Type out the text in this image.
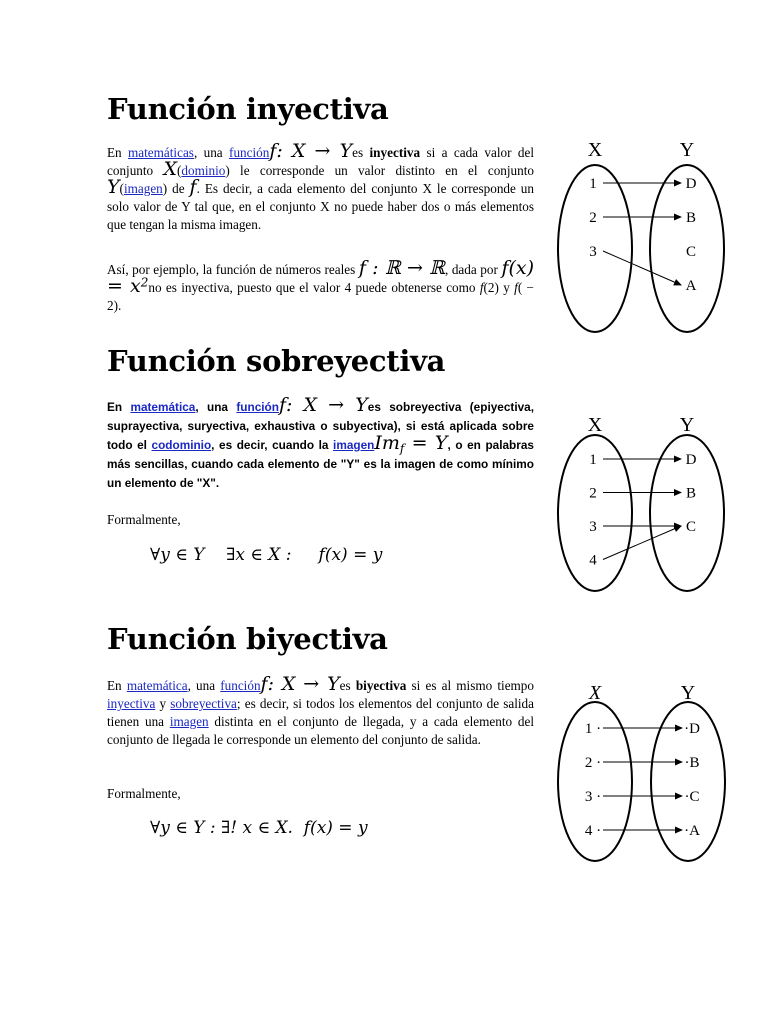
Función inyectiva

En matemáticas, una funciónf: X → Yes inyectiva si a cada valor del conjunto X(dominio) le corresponde un valor distinto en el conjunto Y(imagen) de f. Es decir, a cada elemento del conjunto X le corresponde un solo valor de Y tal que, en el conjunto X no puede haber dos o más elementos que tengan la misma imagen.

Así, por ejemplo, la función de números reales f : ℝ → ℝ, dada por $f(x) = x^2no$ es inyectiva, puesto que el valor 4 puede obtenerse como f(2) y f( − 2).

X	Y
1
2
3
D
B
C
A
Función sobreyectiva

En matemática, una funciónf: X → Yes sobreyectiva (epiyectiva, suprayectiva, suryectiva, exhaustiva o subyectiva), si está aplicada sobre todo el codominio, es decir, cuando la imagenIm$_f$ = Y, o en palabras más sencillas, cuando cada elemento de "Y" es la imagen de como mínimo un elemento de "X".

Formalmente,

∀y ∈ Y    ∃x ∈ X :     f(x) = y
X	Y
1
2
3
4
D
B
C
Función biyectiva

En matemática, una funciónf: X → Yes biyectiva si es al mismo tiempo inyectiva y sobreyectiva; es decir, si todos los elementos del conjunto de salida tienen una imagen distinta en el conjunto de llegada, y a cada elemento del conjunto de llegada le corresponde un elemento del conjunto de salida.

Formalmente,

∀y ∈ Y : ∃! x ∈ X.  f(x) = y
X	Y
1 ·
2 ·
3 ·
4 ·
·D
·B
·C
·A
